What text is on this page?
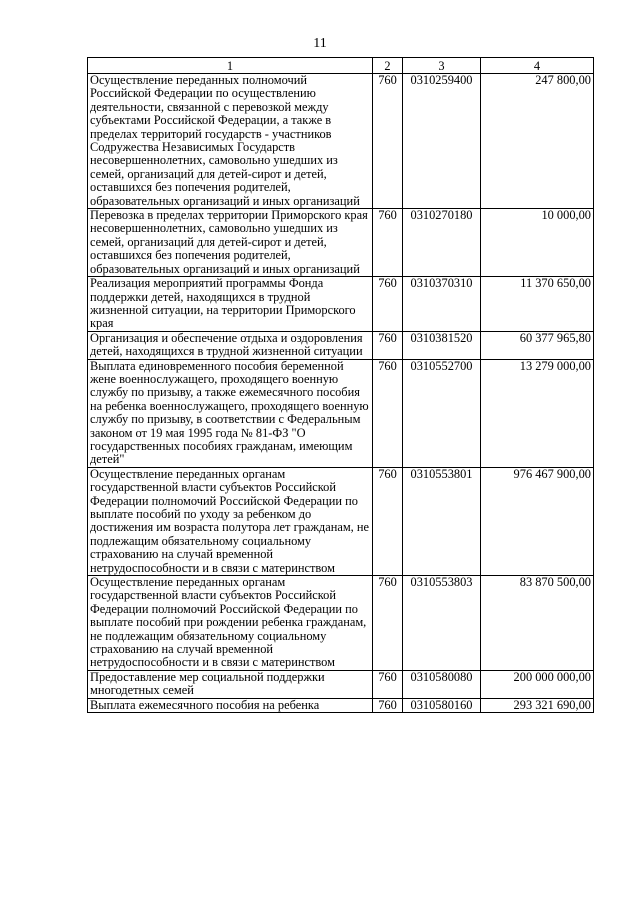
11
1	2	3	4
Осуществление переданных полномочий Российской Федерации по осуществлению деятельности, связанной с перевозкой между субъектами Российской Федерации, а также в пределах территорий государств - участников Содружества Независимых Государств несовершеннолетних, самовольно ушедших из семей, организаций для детей-сирот и детей, оставшихся без попечения родителей, образовательных организаций и иных организаций	760	0310259400	247 800,00
Перевозка в пределах территории Приморского края несовершеннолетних, самовольно ушедших из семей, организаций для детей-сирот и детей, оставшихся без попечения родителей, образовательных организаций и иных организаций	760	0310270180	10 000,00
Реализация мероприятий программы Фонда поддержки детей, находящихся в трудной жизненной ситуации, на территории Приморского края	760	0310370310	11 370 650,00
Организация и обеспечение отдыха и оздоровления детей, находящихся в трудной жизненной ситуации	760	0310381520	60 377 965,80
Выплата единовременного пособия беременной жене военнослужащего, проходящего военную службу по призыву, а также ежемесячного пособия на ребенка военнослужащего, проходящего военную службу по призыву, в соответствии с Федеральным законом от 19 мая 1995 года № 81-ФЗ "О государственных пособиях гражданам, имеющим детей"	760	0310552700	13 279 000,00
Осуществление переданных органам государственной власти субъектов Российской Федерации полномочий Российской Федерации по выплате пособий по уходу за ребенком до достижения им возраста полутора лет гражданам, не подлежащим обязательному социальному страхованию на случай временной нетрудоспособности и в связи с материнством	760	0310553801	976 467 900,00
Осуществление переданных органам государственной власти субъектов Российской Федерации полномочий Российской Федерации по выплате пособий при рождении ребенка гражданам, не подлежащим обязательному социальному страхованию на случай временной нетрудоспособности и в связи с материнством	760	0310553803	83 870 500,00
Предоставление мер социальной поддержки многодетных семей	760	0310580080	200 000 000,00
Выплата ежемесячного пособия на ребенка	760	0310580160	293 321 690,00
